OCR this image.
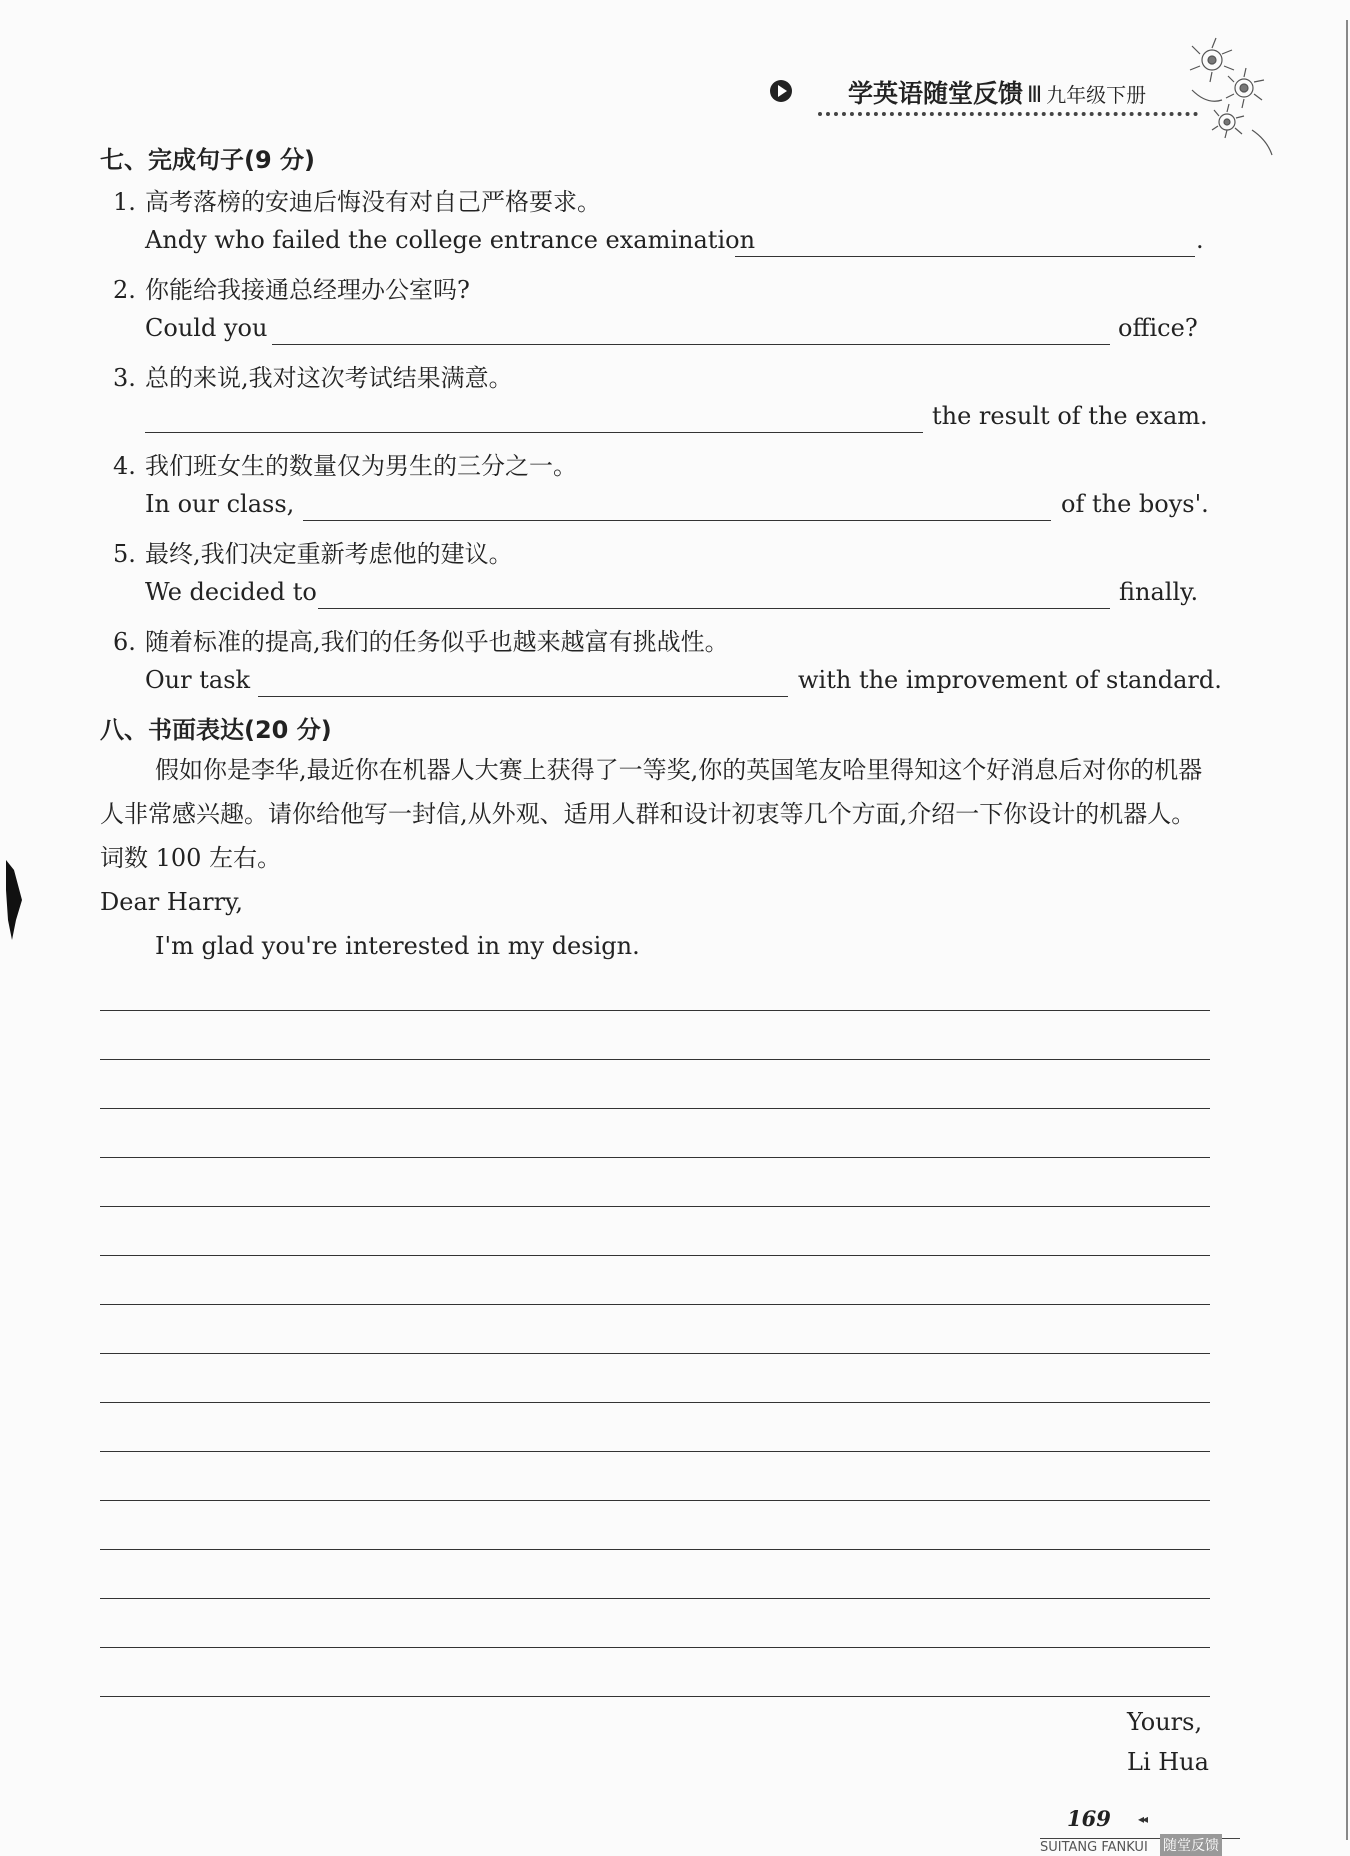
学英语随堂反馈 Ⅲ 九年级下册
七、完成句子(9 分)
1. 高考落榜的安迪后悔没有对自己严格要求。
Andy who failed the college entrance examination	.
2. 你能给我接通总经理办公室吗?
Could you	office?
3. 总的来说,我对这次考试结果满意。
the result of the exam.
4. 我们班女生的数量仅为男生的三分之一。
In our class,	of the boys'.
5. 最终,我们决定重新考虑他的建议。
We decided to	finally.
6. 随着标准的提高,我们的任务似乎也越来越富有挑战性。
Our task	with the improvement of standard.
八、书面表达(20 分)
假如你是李华,最近你在机器人大赛上获得了一等奖,你的英国笔友哈里得知这个好消息后对你的机器人非常感兴趣。请你给他写一封信,从外观、适用人群和设计初衷等几个方面,介绍一下你设计的机器人。词数 100 左右。
Dear Harry,
I'm glad you're interested in my design.
Yours,
Li Hua
169 ◂◂
SUITANG FANKUI 随堂反馈
